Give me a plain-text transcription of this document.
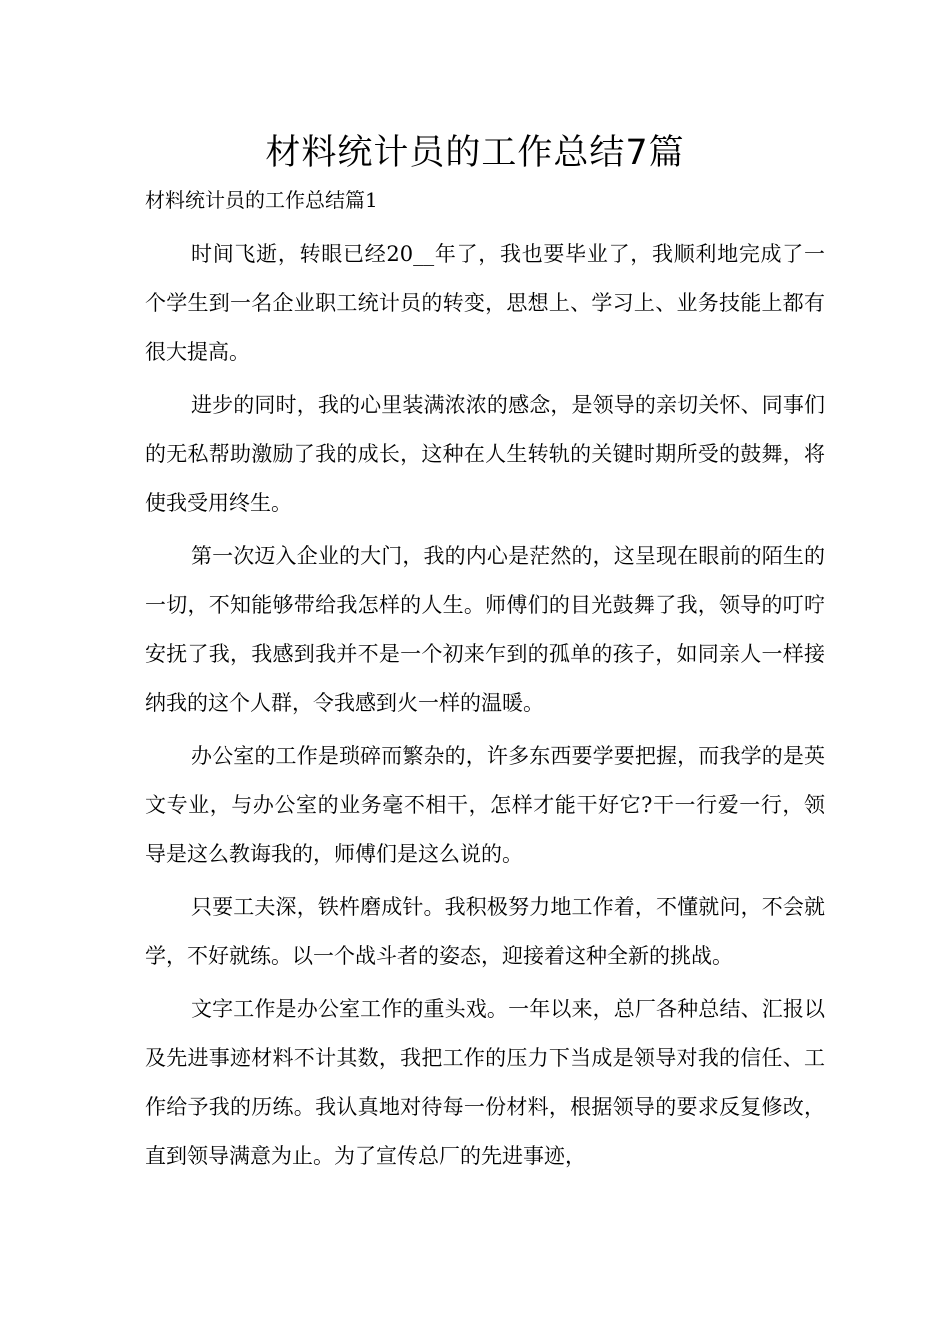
材料统计员的工作总结7篇

材料统计员的工作总结篇1

时间飞逝，转眼已经20__年了，我也要毕业了，我顺利地完成了一个学生到一名企业职工统计员的转变，思想上、学习上、业务技能上都有很大提高。

进步的同时，我的心里装满浓浓的感念，是领导的亲切关怀、同事们的无私帮助激励了我的成长，这种在人生转轨的关键时期所受的鼓舞，将使我受用终生。

第一次迈入企业的大门，我的内心是茫然的，这呈现在眼前的陌生的一切，不知能够带给我怎样的人生。师傅们的目光鼓舞了我，领导的叮咛安抚了我，我感到我并不是一个初来乍到的孤单的孩子，如同亲人一样接纳我的这个人群，令我感到火一样的温暖。

办公室的工作是琐碎而繁杂的，许多东西要学要把握，而我学的是英文专业，与办公室的业务毫不相干，怎样才能干好它?干一行爱一行，领导是这么教诲我的，师傅们是这么说的。

只要工夫深，铁杵磨成针。我积极努力地工作着，不懂就问，不会就学，不好就练。以一个战斗者的姿态，迎接着这种全新的挑战。

文字工作是办公室工作的重头戏。一年以来，总厂各种总结、汇报以及先进事迹材料不计其数，我把工作的压力下当成是领导对我的信任、工作给予我的历练。我认真地对待每一份材料，根据领导的要求反复修改，直到领导满意为止。为了宣传总厂的先进事迹，
